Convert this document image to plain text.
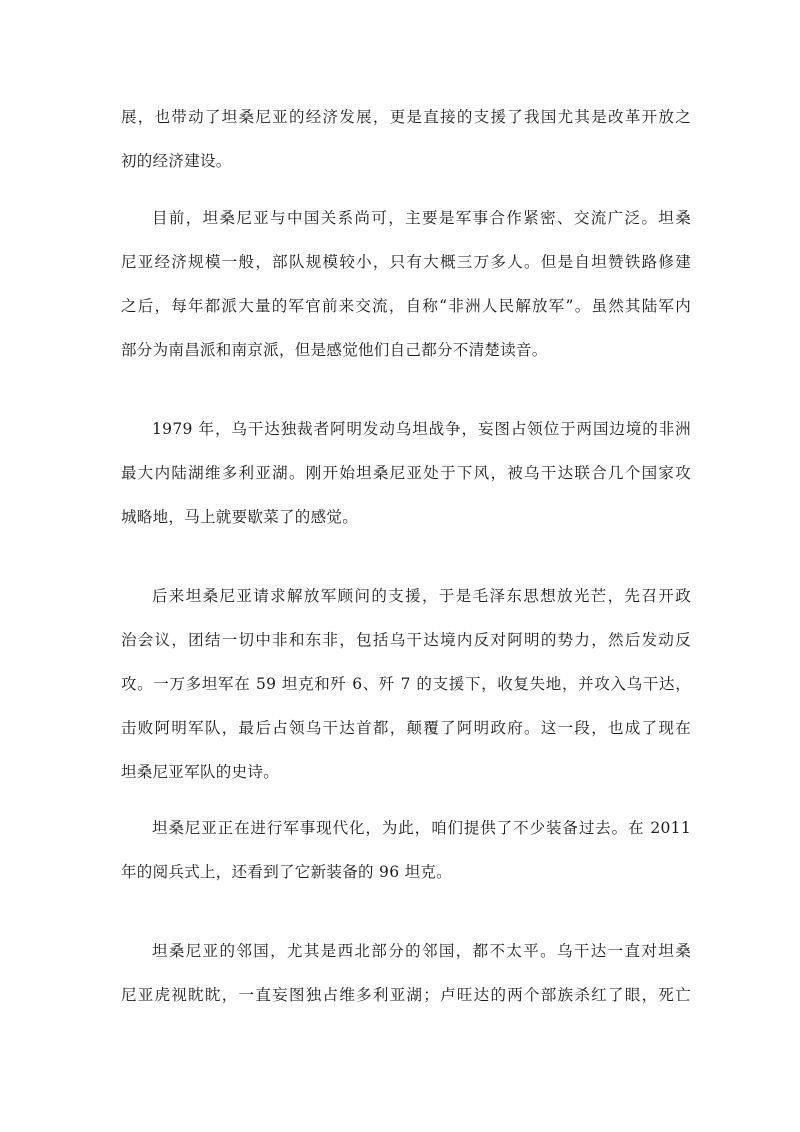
展，也带动了坦桑尼亚的经济发展，更是直接的支援了我国尤其是改革开放之

初的经济建设。

目前，坦桑尼亚与中国关系尚可，主要是军事合作紧密、交流广泛。坦桑

尼亚经济规模一般，部队规模较小，只有大概三万多人。但是自坦赞铁路修建

之后，每年都派大量的军官前来交流，自称“非洲人民解放军”。虽然其陆军内

部分为南昌派和南京派，但是感觉他们自己都分不清楚读音。

1979 年，乌干达独裁者阿明发动乌坦战争，妄图占领位于两国边境的非洲

最大内陆湖维多利亚湖。刚开始坦桑尼亚处于下风，被乌干达联合几个国家攻

城略地，马上就要歇菜了的感觉。

后来坦桑尼亚请求解放军顾问的支援，于是毛泽东思想放光芒，先召开政

治会议，团结一切中非和东非，包括乌干达境内反对阿明的势力，然后发动反

攻。一万多坦军在 59 坦克和歼 6、歼 7 的支援下，收复失地，并攻入乌干达，

击败阿明军队，最后占领乌干达首都，颠覆了阿明政府。这一段，也成了现在

坦桑尼亚军队的史诗。

坦桑尼亚正在进行军事现代化，为此，咱们提供了不少装备过去。在 2011

年的阅兵式上，还看到了它新装备的 96 坦克。

坦桑尼亚的邻国，尤其是西北部分的邻国，都不太平。乌干达一直对坦桑

尼亚虎视眈眈，一直妄图独占维多利亚湖；卢旺达的两个部族杀红了眼，死亡
